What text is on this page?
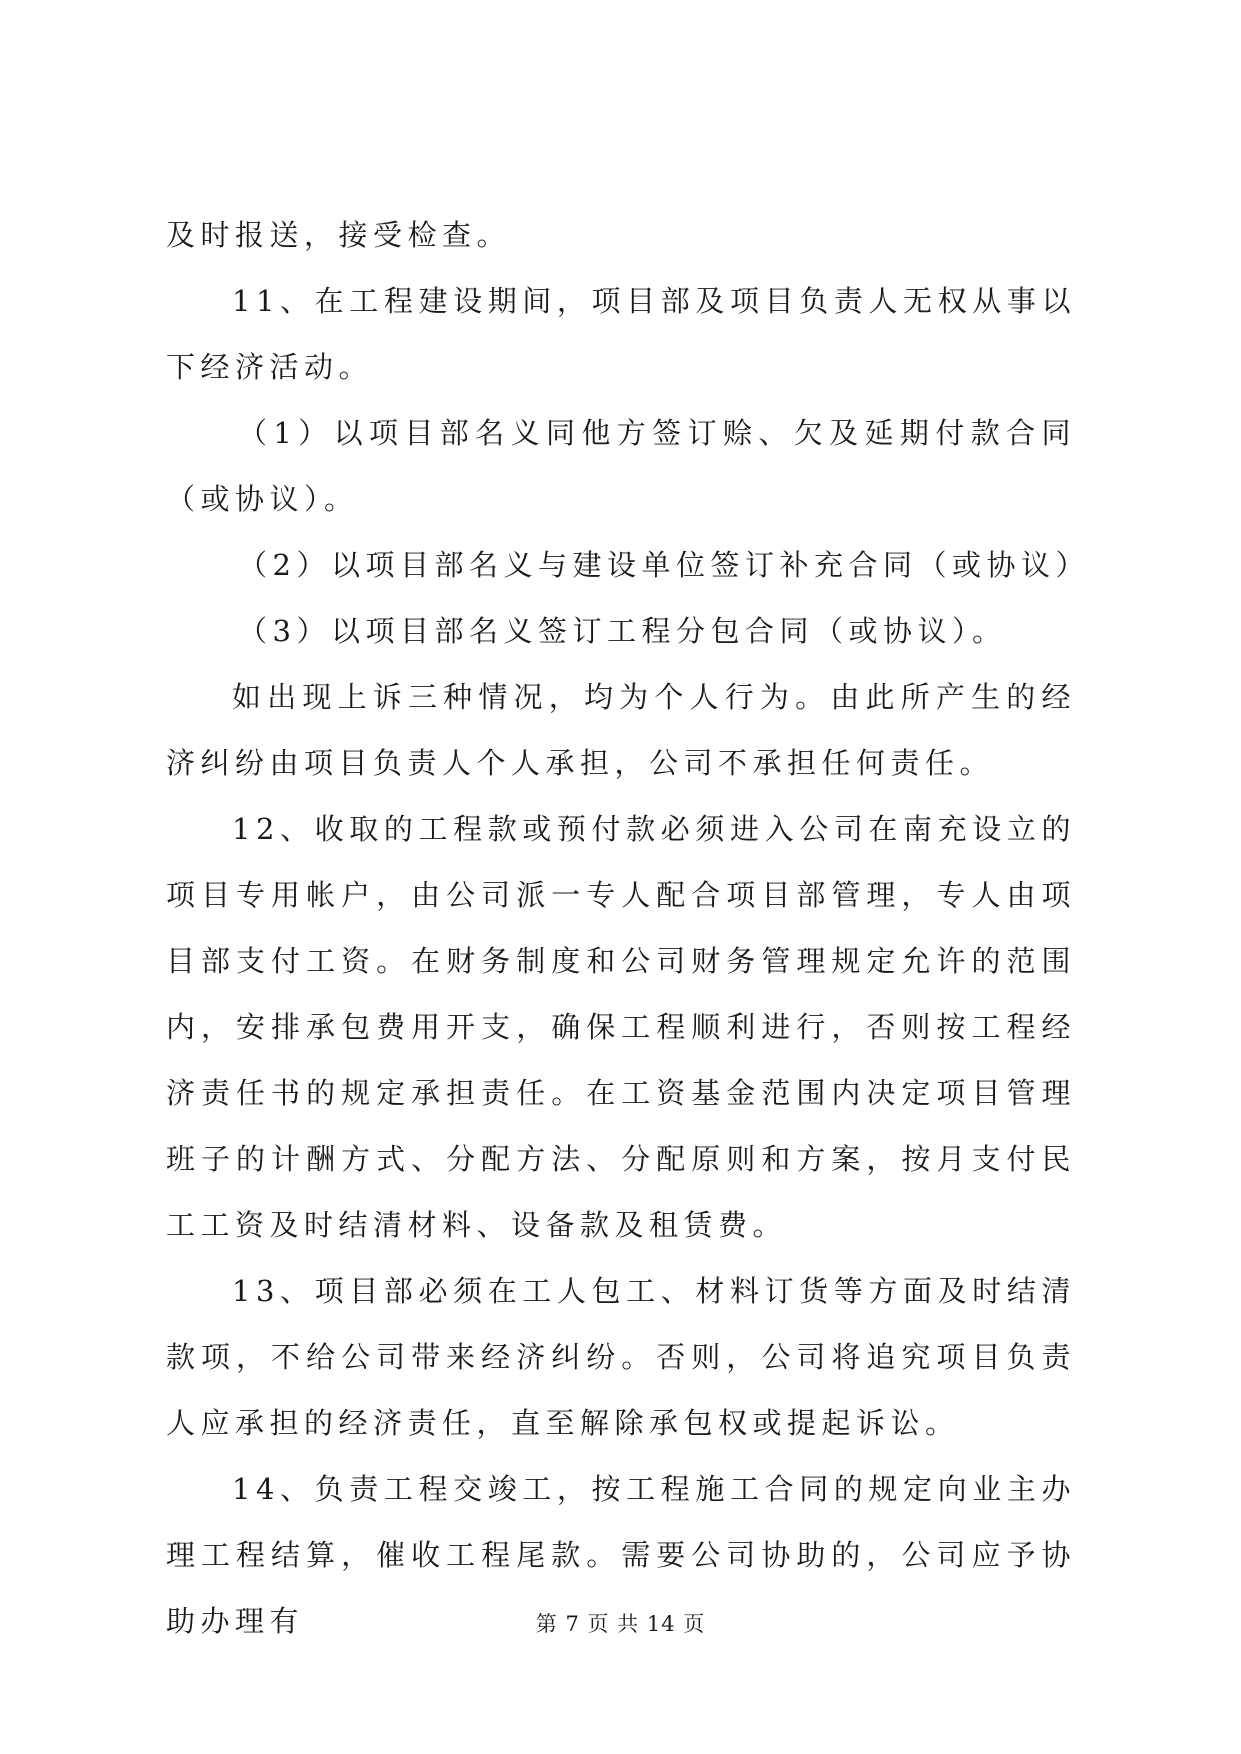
及时报送，接受检查。

11、在工程建设期间，项目部及项目负责人无权从事以下经济活动。

（1）以项目部名义同他方签订赊、欠及延期付款合同（或协议）。

（2）以项目部名义与建设单位签订补充合同（或协议）

（3）以项目部名义签订工程分包合同（或协议）。

如出现上诉三种情况，均为个人行为。由此所产生的经济纠纷由项目负责人个人承担，公司不承担任何责任。

12、收取的工程款或预付款必须进入公司在南充设立的项目专用帐户，由公司派一专人配合项目部管理，专人由项目部支付工资。在财务制度和公司财务管理规定允许的范围内，安排承包费用开支，确保工程顺利进行，否则按工程经济责任书的规定承担责任。在工资基金范围内决定项目管理班子的计酬方式、分配方法、分配原则和方案，按月支付民工工资及时结清材料、设备款及租赁费。

13、项目部必须在工人包工、材料订货等方面及时结清款项，不给公司带来经济纠纷。否则，公司将追究项目负责人应承担的经济责任，直至解除承包权或提起诉讼。

14、负责工程交竣工，按工程施工合同的规定向业主办理工程结算，催收工程尾款。需要公司协助的，公司应予协助办理有	第 7 页 共 14 页
